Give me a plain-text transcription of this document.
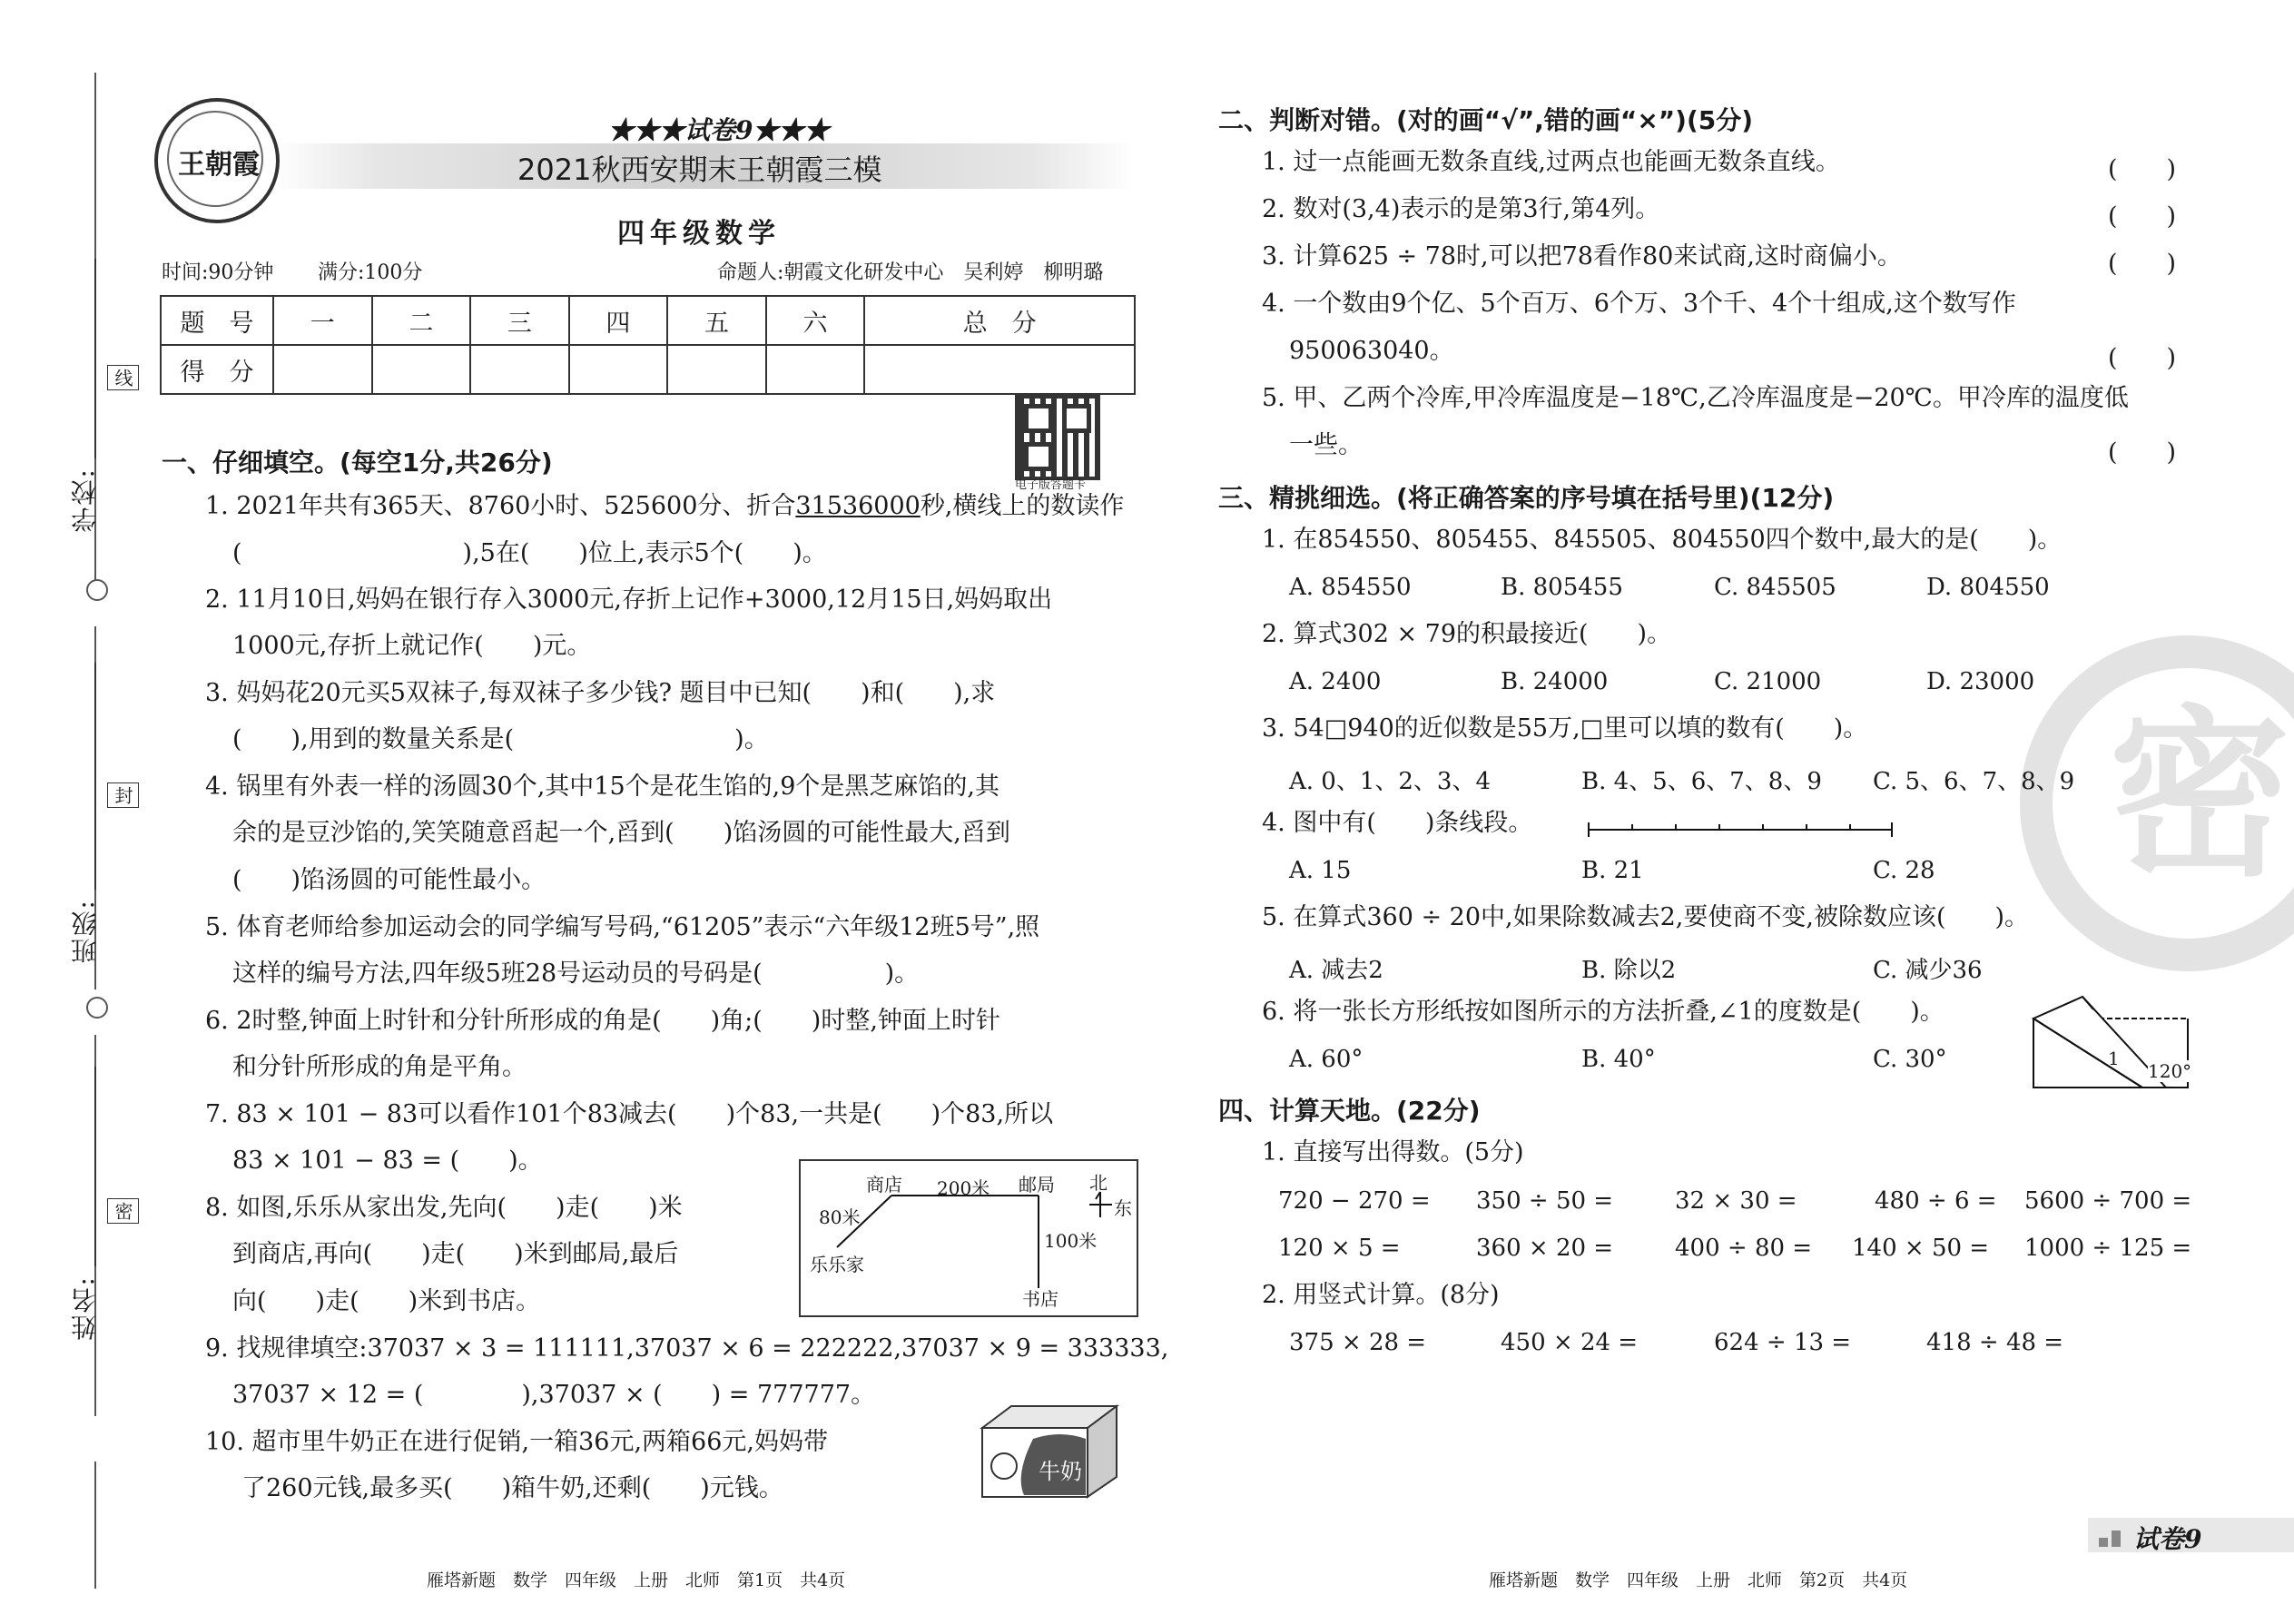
线
封
密
学校:
班级:
姓名:
王朝霞
★★★试卷9★★★
2021秋西安期末王朝霞三模
四年级数学
时间:90分钟 满分:100分	命题人:朝霞文化研发中心　吴利婷　柳明璐
题　号	一	二	三	四	五	六	总　分
得　分							
电子版答题卡
一、仔细填空。(每空1分,共26分)
1. 2021年共有365天、8760小时、525600分、折合31536000秒,横线上的数读作
(　　　　　　　　　),5在(　　)位上,表示5个(　　)。
2. 11月10日,妈妈在银行存入3000元,存折上记作+3000,12月15日,妈妈取出
1000元,存折上就记作(　　)元。
3. 妈妈花20元买5双袜子,每双袜子多少钱? 题目中已知(　　)和(　　),求
(　　),用到的数量关系是(　　　　　　　　　)。
4. 锅里有外表一样的汤圆30个,其中15个是花生馅的,9个是黑芝麻馅的,其
余的是豆沙馅的,笑笑随意舀起一个,舀到(　　)馅汤圆的可能性最大,舀到
(　　)馅汤圆的可能性最小。
5. 体育老师给参加运动会的同学编写号码,“61205”表示“六年级12班5号”,照
这样的编号方法,四年级5班28号运动员的号码是(　　　　　)。
6. 2时整,钟面上时针和分针所形成的角是(　　)角;(　　)时整,钟面上时针
和分针所形成的角是平角。
7. 83 × 101 − 83可以看作101个83减去(　　)个83,一共是(　　)个83,所以
83 × 101 − 83 = (　　)。
8. 如图,乐乐从家出发,先向(　　)走(　　)米
到商店,再向(　　)走(　　)米到邮局,最后
向(　　)走(　　)米到书店。
商店 200米 邮局 北
东
80米
100米
乐乐家
书店
9. 找规律填空:37037 × 3 = 111111,37037 × 6 = 222222,37037 × 9 = 333333,
37037 × 12 = (　　　　),37037 × (　　) = 777777。
10. 超市里牛奶正在进行促销,一箱36元,两箱66元,妈妈带
了260元钱,最多买(　　)箱牛奶,还剩(　　)元钱。
牛奶
雁塔新题　数学　四年级　上册　北师　第1页　共4页
密
二、判断对错。(对的画“√”,错的画“×”)(5分)
1. 过一点能画无数条直线,过两点也能画无数条直线。	(　　)
2. 数对(3,4)表示的是第3行,第4列。	(　　)
3. 计算625 ÷ 78时,可以把78看作80来试商,这时商偏小。	(　　)
4. 一个数由9个亿、5个百万、6个万、3个千、4个十组成,这个数写作
950063040。	(　　)
5. 甲、乙两个冷库,甲冷库温度是−18℃,乙冷库温度是−20℃。甲冷库的温度低
一些。	(　　)
三、精挑细选。(将正确答案的序号填在括号里)(12分)
1. 在854550、805455、845505、804550四个数中,最大的是(　　)。
A. 854550	B. 805455	C. 845505	D. 804550
2. 算式302 × 79的积最接近(　　)。
A. 2400	B. 24000	C. 21000	D. 23000
3. 54□940的近似数是55万,□里可以填的数有(　　)。
A. 0、1、2、3、4	B. 4、5、6、7、8、9 C. 5、6、7、8、9
4. 图中有(　　)条线段。
A. 15	B. 21	C. 28
5. 在算式360 ÷ 20中,如果除数减去2,要使商不变,被除数应该(　　)。
A. 减去2	B. 除以2	C. 减少36
6. 将一张长方形纸按如图所示的方法折叠,∠1的度数是(　　)。
A. 60°	B. 40°	C. 30°	1
120°
四、计算天地。(22分)
1. 直接写出得数。(5分)
720 − 270 = 350 ÷ 50 =	32 × 30 =	480 ÷ 6 = 5600 ÷ 700 =
120 × 5 =	360 × 20 =	400 ÷ 80 = 140 × 50 = 1000 ÷ 125 =
2. 用竖式计算。(8分)
375 × 28 =	450 × 24 =	624 ÷ 13 =	418 ÷ 48 =
雁塔新题　数学　四年级　上册　北师　第2页　共4页
试卷9
